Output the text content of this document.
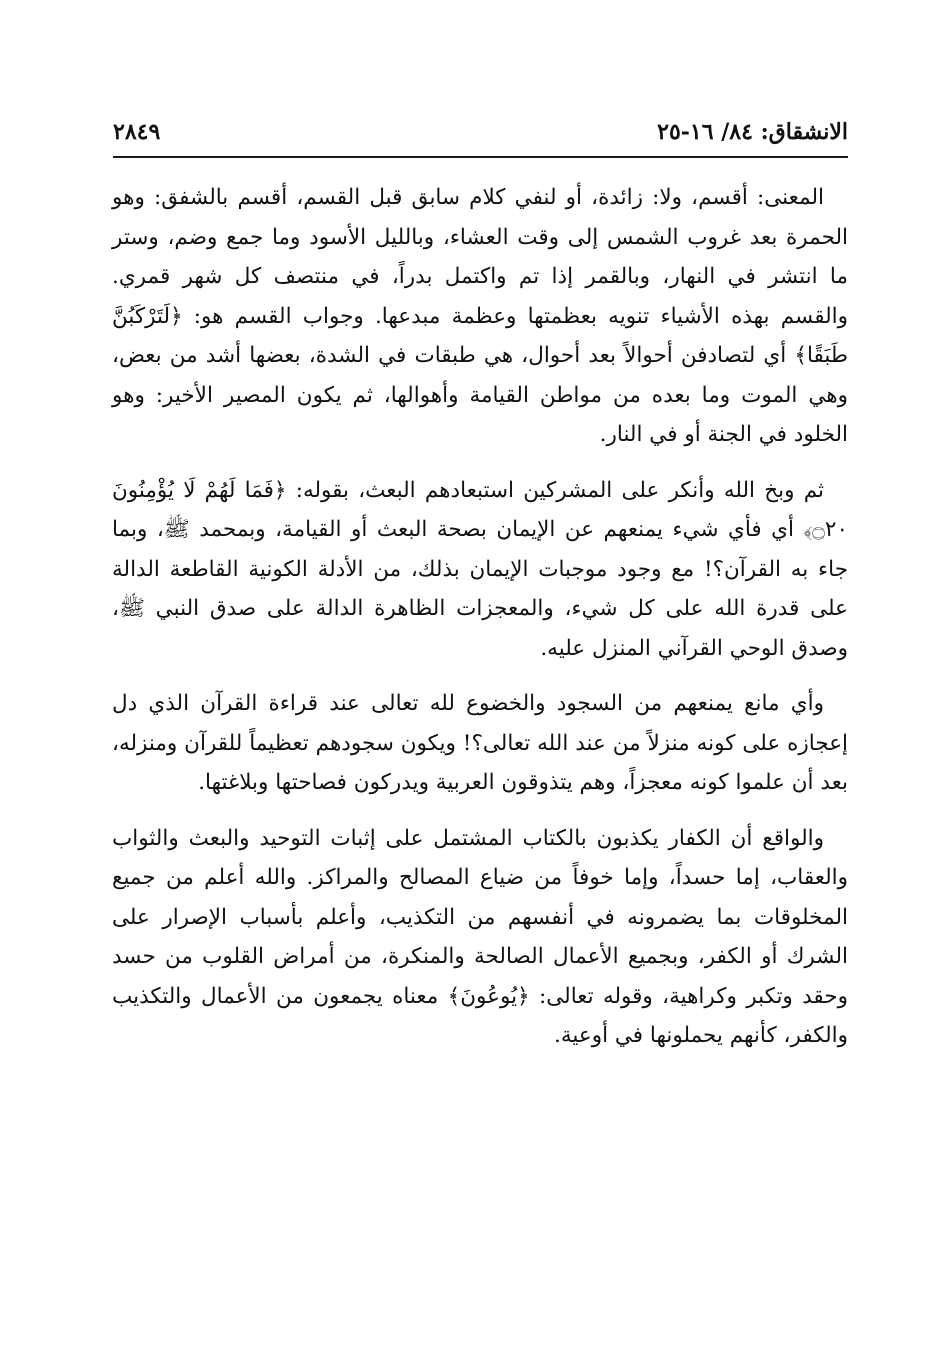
الانشقاق: ٨٤/ ١٦-٢٥
٢٨٤٩

المعنى: أقسم، ولا: زائدة، أو لنفي كلام سابق قبل القسم، أقسم بالشفق: وهو الحمرة بعد غروب الشمس إلى وقت العشاء، وبالليل الأسود وما جمع وضم، وستر ما انتشر في النهار، وبالقمر إذا تم واكتمل بدراً، في منتصف كل شهر قمري. والقسم بهذه الأشياء تنويه بعظمتها وعظمة مبدعها. وجواب القسم هو: ﴿لَتَرْكَبُنَّ طَبَقًا﴾ أي لتصادفن أحوالاً بعد أحوال، هي طبقات في الشدة، بعضها أشد من بعض، وهي الموت وما بعده من مواطن القيامة وأهوالها، ثم يكون المصير الأخير: وهو الخلود في الجنة أو في النار.

ثم وبخ الله وأنكر على المشركين استبعادهم البعث، بقوله: ﴿فَمَا لَهُمْ لَا يُؤْمِنُونَ ۝٢٠﴾ أي فأي شيء يمنعهم عن الإيمان بصحة البعث أو القيامة، وبمحمد ﷺ، وبما جاء به القرآن؟! مع وجود موجبات الإيمان بذلك، من الأدلة الكونية القاطعة الدالة على قدرة الله على كل شيء، والمعجزات الظاهرة الدالة على صدق النبي ﷺ، وصدق الوحي القرآني المنزل عليه.

وأي مانع يمنعهم من السجود والخضوع لله تعالى عند قراءة القرآن الذي دل إعجازه على كونه منزلاً من عند الله تعالى؟! ويكون سجودهم تعظيماً للقرآن ومنزله، بعد أن علموا كونه معجزاً، وهم يتذوقون العربية ويدركون فصاحتها وبلاغتها.

والواقع أن الكفار يكذبون بالكتاب المشتمل على إثبات التوحيد والبعث والثواب والعقاب، إما حسداً، وإما خوفاً من ضياع المصالح والمراكز. والله أعلم من جميع المخلوقات بما يضمرونه في أنفسهم من التكذيب، وأعلم بأسباب الإصرار على الشرك أو الكفر، وبجميع الأعمال الصالحة والمنكرة، من أمراض القلوب من حسد وحقد وتكبر وكراهية، وقوله تعالى: ﴿يُوعُونَ﴾ معناه يجمعون من الأعمال والتكذيب والكفر، كأنهم يحملونها في أوعية.
